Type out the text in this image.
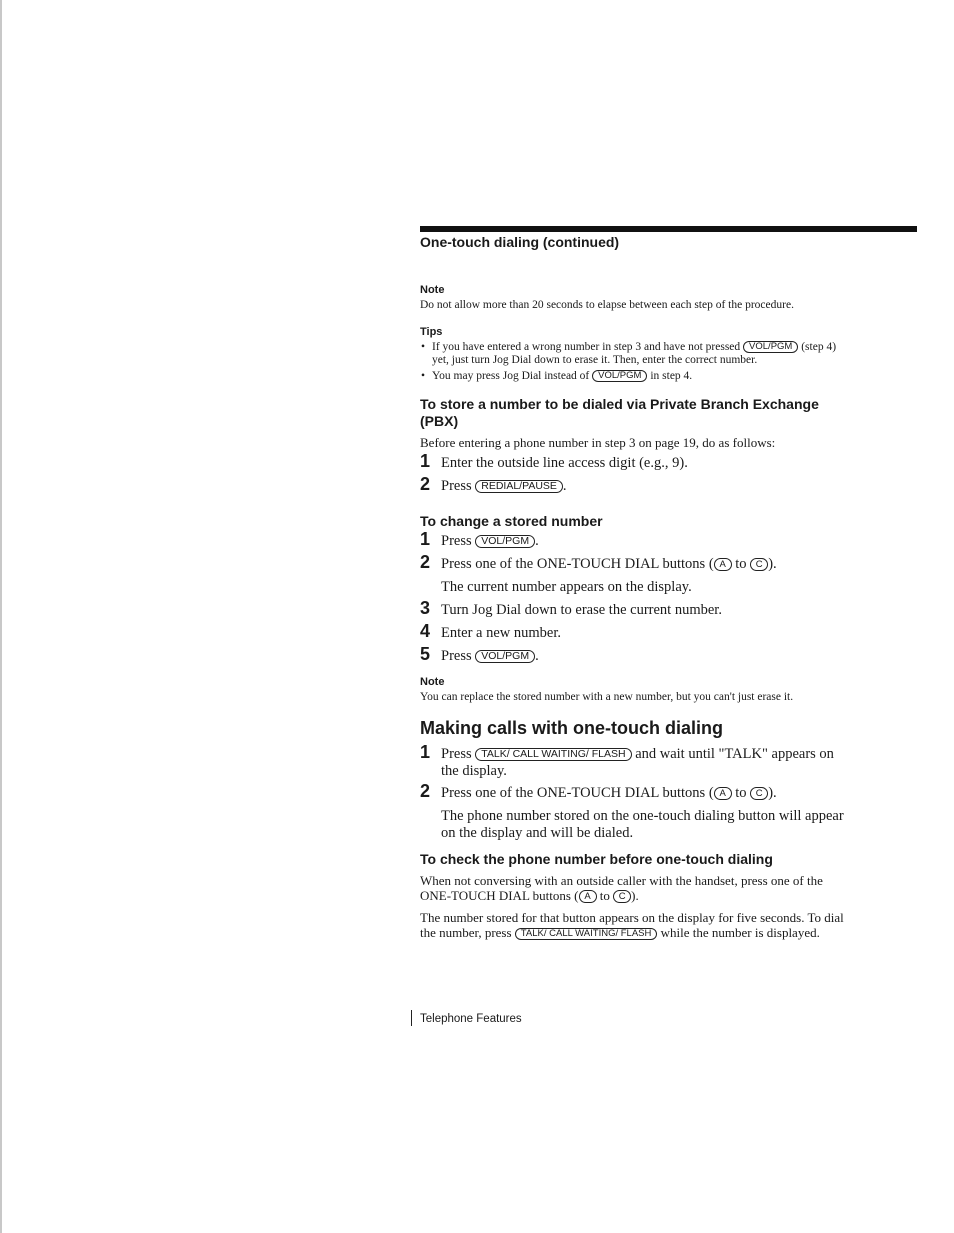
One-touch dialing (continued)

Note

Do not allow more than 20 seconds to elapse between each step of the procedure.

Tips

• If you have entered a wrong number in step 3 and have not pressed VOL/PGM (step 4) yet, just turn Jog Dial down to erase it. Then, enter the correct number.
• You may press Jog Dial instead of VOL/PGM in step 4.
To store a number to be dialed via Private Branch Exchange (PBX)

Before entering a phone number in step 3 on page 19, do as follows:

1 Enter the outside line access digit (e.g., 9).
2 Press REDIAL/PAUSE .
To change a stored number
1 Press VOL/PGM .
2 Press one of the ONE-TOUCH DIAL buttons ( A to C ).
The current number appears on the display.
3 Turn Jog Dial down to erase the current number.
4 Enter a new number.
5 Press VOL/PGM .

Note

You can replace the stored number with a new number, but you can't just erase it.

Making calls with one-touch dialing
1 Press TALK/ CALL WAITING/ FLASH and wait until "TALK" appears on the display.
2 Press one of the ONE-TOUCH DIAL buttons ( A to C ).
The phone number stored on the one-touch dialing button will appear on the display and will be dialed.
To check the phone number before one-touch dialing

When not conversing with an outside caller with the handset, press one of the ONE-TOUCH DIAL buttons ( A to C ).

The number stored for that button appears on the display for five seconds. To dial the number, press TALK/ CALL WAITING/ FLASH while the number is displayed.

Telephone Features
